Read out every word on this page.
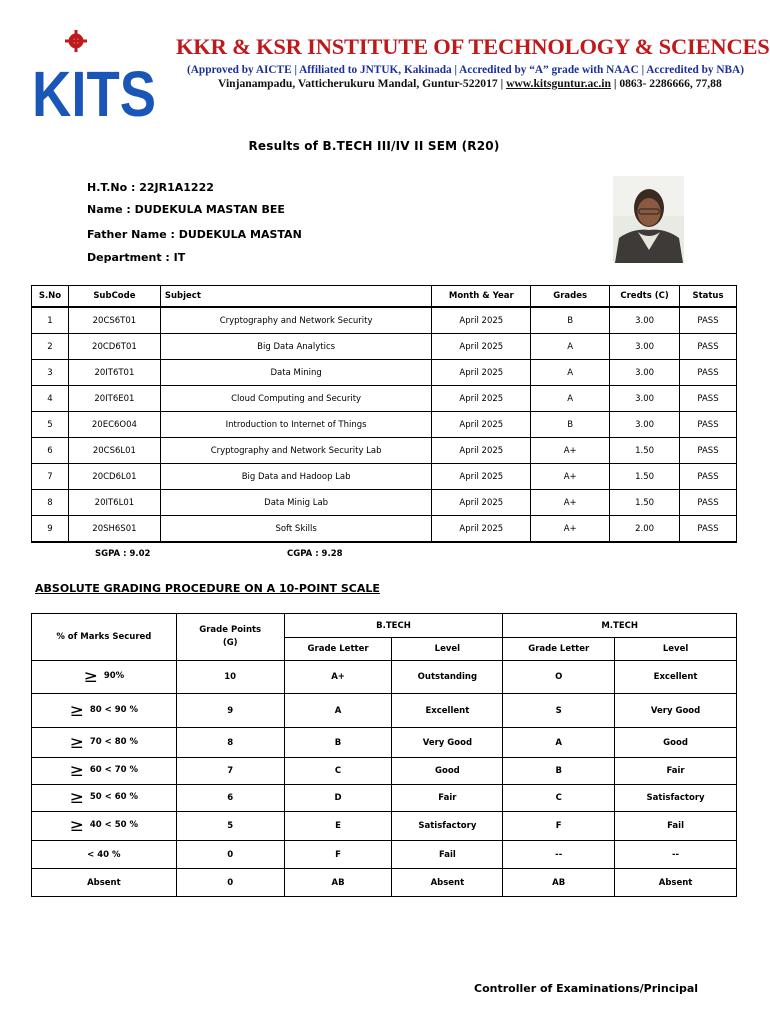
KITS
KKR & KSR INSTITUTE OF TECHNOLOGY & SCIENCES
(Approved by AICTE | Affiliated to JNTUK, Kakinada | Accredited by “A” grade with NAAC | Accredited by NBA)
Vinjanampadu, Vatticherukuru Mandal, Guntur-522017 | www.kitsguntur.ac.in | 0863- 2286666, 77,88
Results of B.TECH III/IV II SEM (R20)
H.T.No : 22JR1A1222
Name : DUDEKULA MASTAN BEE
Father Name : DUDEKULA MASTAN
Department : IT
S.No	SubCode	Subject	Month & Year	Grades	Credts (C)	Status
1	20CS6T01	Cryptography and Network Security	April 2025	B	3.00	PASS
2	20CD6T01	Big Data Analytics	April 2025	A	3.00	PASS
3	20IT6T01	Data Mining	April 2025	A	3.00	PASS
4	20IT6E01	Cloud Computing and Security	April 2025	A	3.00	PASS
5	20EC6O04	Introduction to Internet of Things	April 2025	B	3.00	PASS
6	20CS6L01	Cryptography and Network Security Lab	April 2025	A+	1.50	PASS
7	20CD6L01	Big Data and Hadoop Lab	April 2025	A+	1.50	PASS
8	20IT6L01	Data Minig Lab	April 2025	A+	1.50	PASS
9	20SH6S01	Soft Skills	April 2025	A+	2.00	PASS
SGPA : 9.02	CGPA : 9.28
ABSOLUTE GRADING PROCEDURE ON A 10-POINT SCALE
% of Marks Secured	Grade Points (G)	B.TECH		M.TECH	
		Grade Letter	Level	Grade Letter	Level
≥ 90%	10	A+	Outstanding	O	Excellent
≥ 80 < 90 %	9	A	Excellent	S	Very Good
≥ 70 < 80 %	8	B	Very Good	A	Good
≥ 60 < 70 %	7	C	Good	B	Fair
≥ 50 < 60 %	6	D	Fair	C	Satisfactory
≥ 40 < 50 %	5	E	Satisfactory	F	Fail
< 40 %	0	F	Fail	--	--
Absent	0	AB	Absent	AB	Absent
Controller of Examinations/Principal
